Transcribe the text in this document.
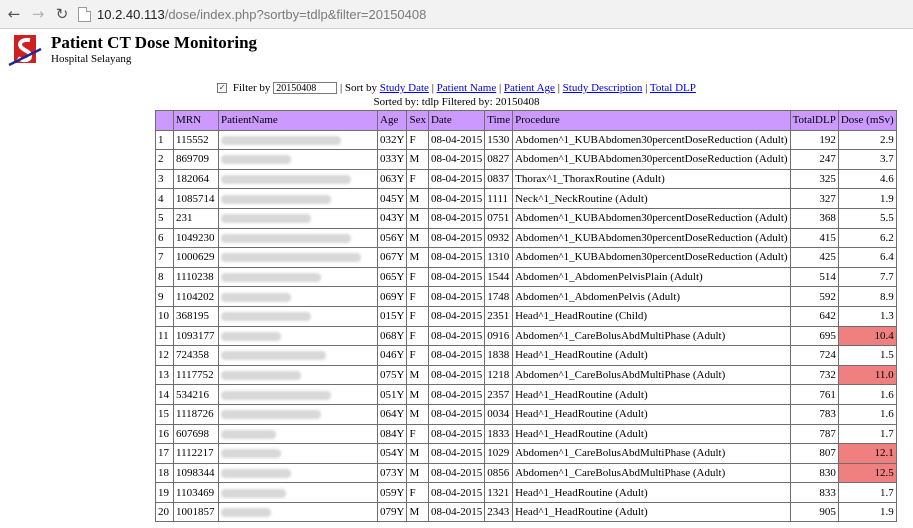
← → ↻ 10.2.40.113 /dose/index.php?sortby=tdlp&filter=20150408
Patient CT Dose Monitoring
Hospital Selayang
✓ Filter by 20150408	| Sort by Study Date | Patient Name | Patient Age | Study Description | Total DLP
Sorted by: tdlp Filtered by: 20150408
	MRN	PatientName	Age	Sex	Date	Time	Procedure	TotalDLP	Dose (mSv)
1	115552		032Y	F	08-04-2015	1530	Abdomen^1_KUBAbdomen30percentDoseReduction (Adult)	192	2.9
2	869709		033Y	M	08-04-2015	0827	Abdomen^1_KUBAbdomen30percentDoseReduction (Adult)	247	3.7
3	182064		063Y	F	08-04-2015	0837	Thorax^1_ThoraxRoutine (Adult)	325	4.6
4	1085714		045Y	M	08-04-2015	1111	Neck^1_NeckRoutine (Adult)	327	1.9
5	231		043Y	M	08-04-2015	0751	Abdomen^1_KUBAbdomen30percentDoseReduction (Adult)	368	5.5
6	1049230		056Y	M	08-04-2015	0932	Abdomen^1_KUBAbdomen30percentDoseReduction (Adult)	415	6.2
7	1000629		067Y	M	08-04-2015	1310	Abdomen^1_KUBAbdomen30percentDoseReduction (Adult)	425	6.4
8	1110238		065Y	F	08-04-2015	1544	Abdomen^1_AbdomenPelvisPlain (Adult)	514	7.7
9	1104202		069Y	F	08-04-2015	1748	Abdomen^1_AbdomenPelvis (Adult)	592	8.9
10	368195		015Y	F	08-04-2015	2351	Head^1_HeadRoutine (Child)	642	1.3
11	1093177		068Y	F	08-04-2015	0916	Abdomen^1_CareBolusAbdMultiPhase (Adult)	695	10.4
12	724358		046Y	F	08-04-2015	1838	Head^1_HeadRoutine (Adult)	724	1.5
13	1117752		075Y	M	08-04-2015	1218	Abdomen^1_CareBolusAbdMultiPhase (Adult)	732	11.0
14	534216		051Y	M	08-04-2015	2357	Head^1_HeadRoutine (Adult)	761	1.6
15	1118726		064Y	M	08-04-2015	0034	Head^1_HeadRoutine (Adult)	783	1.6
16	607698		084Y	F	08-04-2015	1833	Head^1_HeadRoutine (Adult)	787	1.7
17	1112217		054Y	M	08-04-2015	1029	Abdomen^1_CareBolusAbdMultiPhase (Adult)	807	12.1
18	1098344		073Y	M	08-04-2015	0856	Abdomen^1_CareBolusAbdMultiPhase (Adult)	830	12.5
19	1103469		059Y	F	08-04-2015	1321	Head^1_HeadRoutine (Adult)	833	1.7
20	1001857		079Y	M	08-04-2015	2343	Head^1_HeadRoutine (Adult)	905	1.9
